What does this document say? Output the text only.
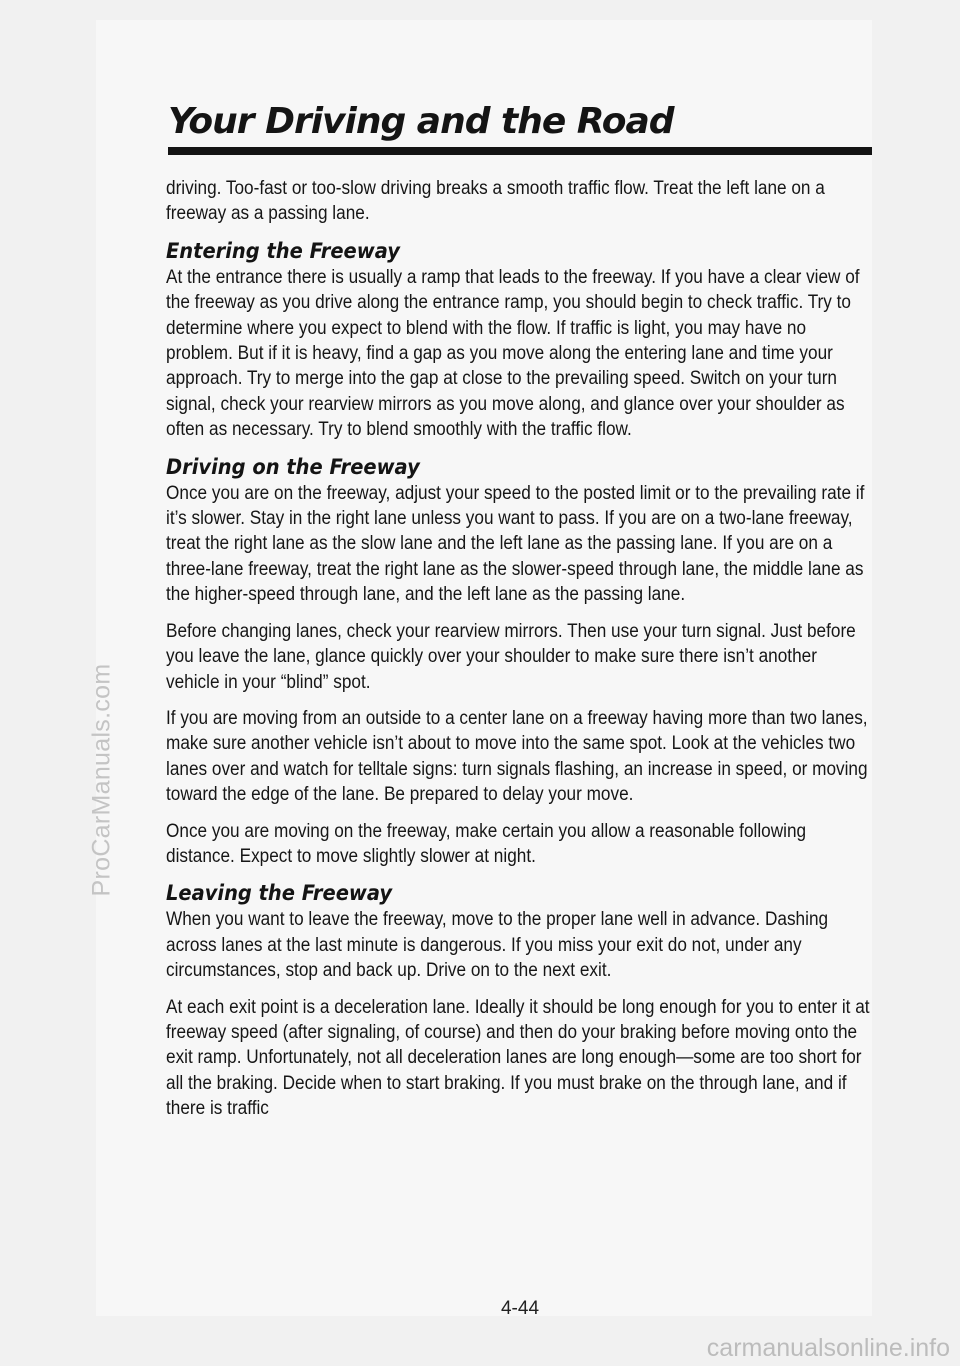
Your Driving and the Road

driving. Too-fast or too-slow driving breaks a smooth traffic flow. Treat the left lane on a freeway as a passing lane.

Entering the Freeway

At the entrance there is usually a ramp that leads to the freeway. If you have a clear view of the freeway as you drive along the entrance ramp, you should begin to check traffic. Try to determine where you expect to blend with the flow. If traffic is light, you may have no problem. But if it is heavy, find a gap as you move along the entering lane and time your approach. Try to merge into the gap at close to the prevailing speed. Switch on your turn signal, check your rearview mirrors as you move along, and glance over your shoulder as often as necessary. Try to blend smoothly with the traffic flow.

Driving on the Freeway

Once you are on the freeway, adjust your speed to the posted limit or to the prevailing rate if it’s slower. Stay in the right lane unless you want to pass. If you are on a two-lane freeway, treat the right lane as the slow lane and the left lane as the passing lane. If you are on a three-lane freeway, treat the right lane as the slower-speed through lane, the middle lane as the higher-speed through lane, and the left lane as the passing lane.

Before changing lanes, check your rearview mirrors. Then use your turn signal. Just before you leave the lane, glance quickly over your shoulder to make sure there isn’t another vehicle in your “blind” spot.

If you are moving from an outside to a center lane on a freeway having more than two lanes, make sure another vehicle isn’t about to move into the same spot. Look at the vehicles two lanes over and watch for telltale signs: turn signals flashing, an increase in speed, or moving toward the edge of the lane. Be prepared to delay your move.

Once you are moving on the freeway, make certain you allow a reasonable following distance. Expect to move slightly slower at night.

Leaving the Freeway

When you want to leave the freeway, move to the proper lane well in advance. Dashing across lanes at the last minute is dangerous. If you miss your exit do not, under any circumstances, stop and back up. Drive on to the next exit.

At each exit point is a deceleration lane. Ideally it should be long enough for you to enter it at freeway speed (after signaling, of course) and then do your braking before moving onto the exit ramp. Unfortunately, not all deceleration lanes are long enough—some are too short for all the braking. Decide when to start braking. If you must brake on the through lane, and if there is traffic

ProCarManuals.com
4-44
carmanualsonline.info
